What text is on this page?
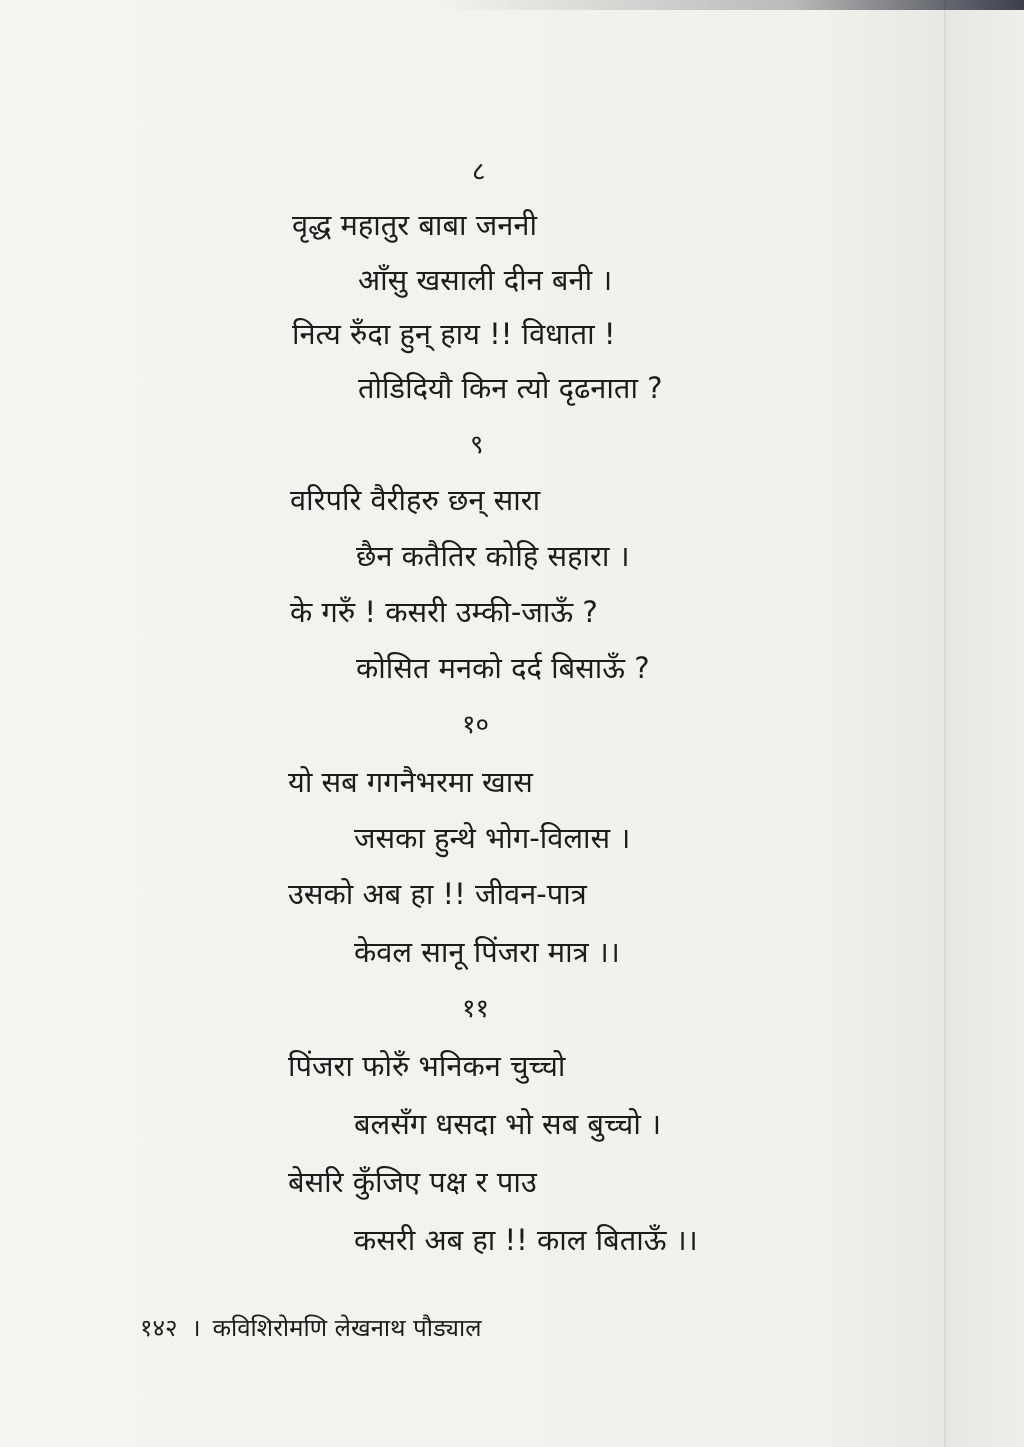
८
वृद्ध महातुर बाबा जननी
आँसु खसाली दीन बनी ।
नित्य रुँदा हुन् हाय !! विधाता !
तोडिदियौ किन त्यो दृढनाता ?
९
वरिपरि वैरीहरु छन् सारा
छैन कतैतिर कोहि सहारा ।
के गरुँ ! कसरी उम्की-जाऊँ ?
कोसित मनको दर्द बिसाऊँ ?
१०
यो सब गगनैभरमा खास
जसका हुन्थे भोग-विलास ।
उसको अब हा !! जीवन-पात्र
केवल सानू पिंजरा मात्र ।।
११
पिंजरा फोरुँ भनिकन चुच्चो
बलसँग धसदा भो सब बुच्चो ।
बेसरि कुँजिए पक्ष र पाउ
कसरी अब हा !! काल बिताऊँ ।।
१४२ । कविशिरोमणि लेखनाथ पौड्याल
